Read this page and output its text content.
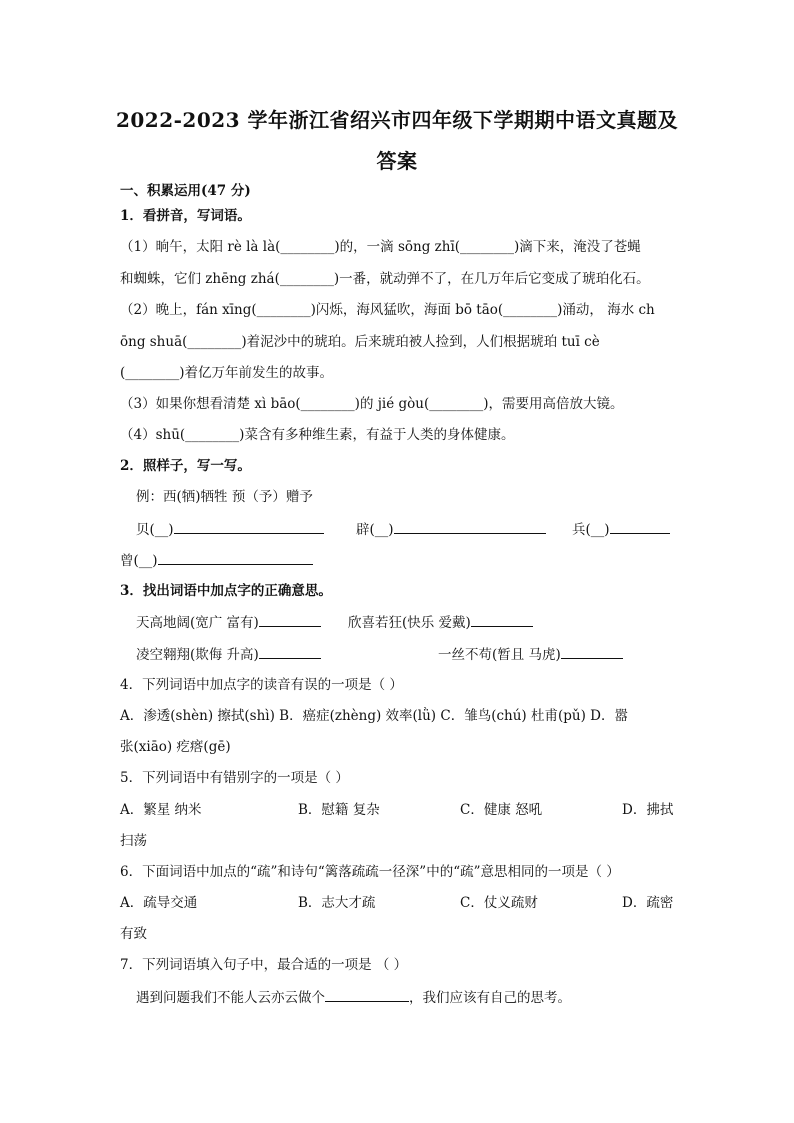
2022-2023 学年浙江省绍兴市四年级下学期期中语文真题及
答案
一、积累运用(47 分)
1．看拼音，写词语。
（1）晌午，太阳 rè là là(________)的，一滴 sōng zhī(________)滴下来，淹没了苍蝇
和蜘蛛，它们 zhēng zhá(________)一番，就动弹不了，在几万年后它变成了琥珀化石。
（2）晚上，fán xīng(________)闪烁，海风猛吹，海面 bō tāo(________)涌动， 海水 ch
ōng shuā(________)着泥沙中的琥珀。后来琥珀被人捡到，人们根据琥珀 tuī cè
(________)着亿万年前发生的故事。
（3）如果你想看清楚 xì bāo(________)的 jié gòu(________)，需要用高倍放大镜。
（4）shū(________)菜含有多种维生素，有益于人类的身体健康。
2．照样子，写一写。
例：西(牺)牺牲 预（予）赠予
贝(__)	辟(__)	兵(__)
曾(__)
3．找出词语中加点字的正确意思。
天高地阔(宽广 富有)	欣喜若狂(快乐 爱戴)
凌空翱翔(欺侮 升高)	一丝不苟(暂且 马虎)
4．下列词语中加点字的读音有误的一项是（ ）
A．渗透(shèn) 擦拭(shì) B．癌症(zhèng) 效率(lǜ) C．雏鸟(chú) 杜甫(pǔ) D．嚣
张(xiāo) 疙瘩(gē)
5．下列词语中有错别字的一项是（ ）
A．繁星 纳米	B．慰籍 复杂	C．健康 怒吼	D．拂拭
扫荡
6．下面词语中加点的“疏”和诗句“篱落疏疏一径深”中的“疏”意思相同的一项是（ ）
A．疏导交通	B．志大才疏	C．仗义疏财	D．疏密
有致
7．下列词语填入句子中，最合适的一项是 （ ）
遇到问题我们不能人云亦云做个	，我们应该有自己的思考。
